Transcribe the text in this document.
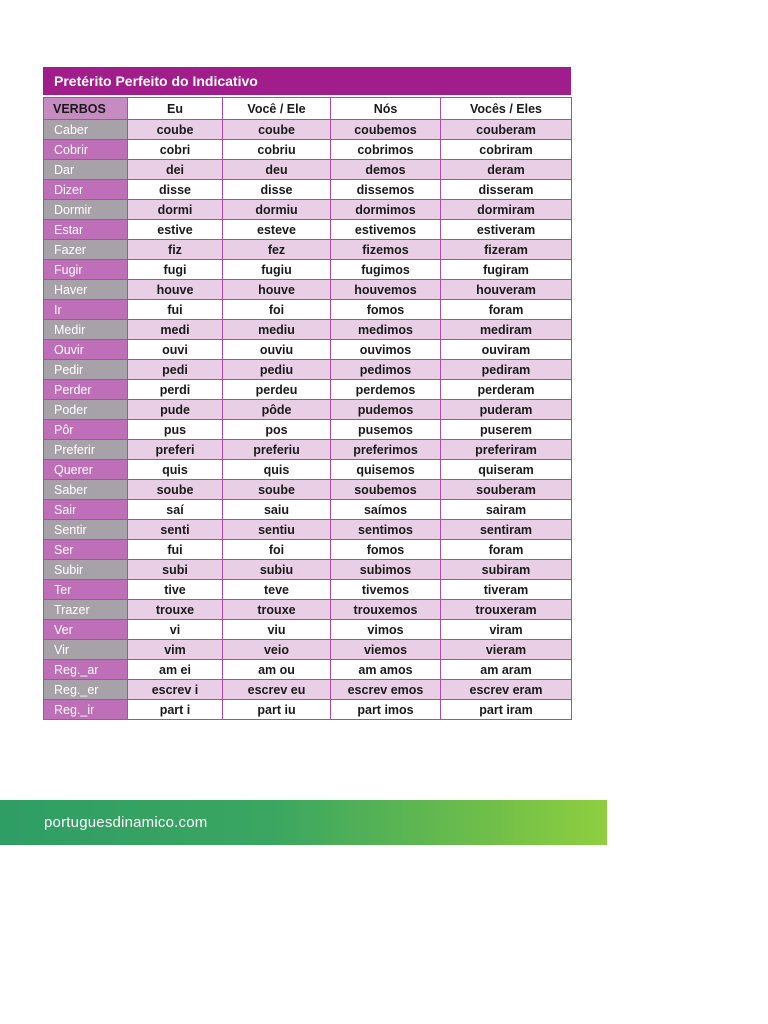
Pretérito Perfeito do Indicativo
VERBOS	Eu	Você / Ele	Nós	Vocês / Eles
Caber	coube	coube	coubemos	couberam
Cobrir	cobri	cobriu	cobrimos	cobriram
Dar	dei	deu	demos	deram
Dizer	disse	disse	dissemos	disseram
Dormir	dormi	dormiu	dormimos	dormiram
Estar	estive	esteve	estivemos	estiveram
Fazer	fiz	fez	fizemos	fizeram
Fugir	fugi	fugiu	fugimos	fugiram
Haver	houve	houve	houvemos	houveram
Ir	fui	foi	fomos	foram
Medir	medi	mediu	medimos	mediram
Ouvir	ouvi	ouviu	ouvimos	ouviram
Pedir	pedi	pediu	pedimos	pediram
Perder	perdi	perdeu	perdemos	perderam
Poder	pude	pôde	pudemos	puderam
Pôr	pus	pos	pusemos	puserem
Preferir	preferi	preferiu	preferimos	preferiram
Querer	quis	quis	quisemos	quiseram
Saber	soube	soube	soubemos	souberam
Sair	saí	saiu	saímos	sairam
Sentir	senti	sentiu	sentimos	sentiram
Ser	fui	foi	fomos	foram
Subir	subi	subiu	subimos	subiram
Ter	tive	teve	tivemos	tiveram
Trazer	trouxe	trouxe	trouxemos	trouxeram
Ver	vi	viu	vimos	viram
Vir	vim	veio	viemos	vieram
Reg._ar	am ei	am ou	am amos	am aram
Reg._er	escrev i	escrev eu	escrev emos	escrev eram
Reg._ir	part i	part iu	part imos	part iram
portuguesdinamico.com
